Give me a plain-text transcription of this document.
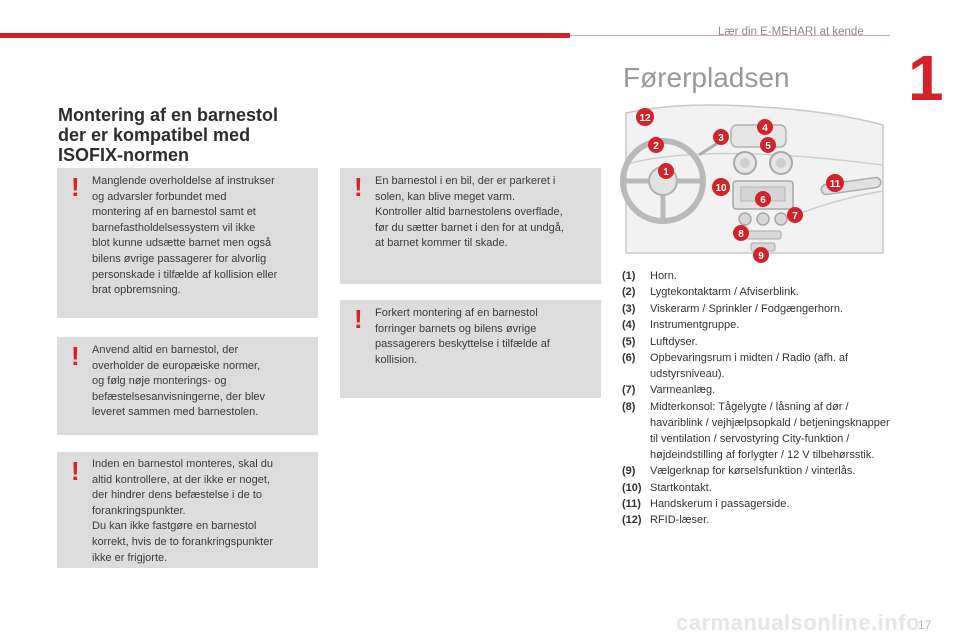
Lær din E-MEHARI at kende
1
Montering af en barnestol
der er kompatibel med
ISOFIX-normen
! Manglende overholdelse af instrukser
og advarsler forbundet med
montering af en barnestol samt et
barnefastholdelsessystem vil ikke
blot kunne udsætte barnet men også
bilens øvrige passagerer for alvorlig
personskade i tilfælde af kollision eller
brat opbremsning.
! Anvend altid en barnestol, der
overholder de europæiske normer,
og følg nøje monterings- og
befæstelsesanvisningerne, der blev
leveret sammen med barnestolen.
! Inden en barnestol monteres, skal du
altid kontrollere, at der ikke er noget,
der hindrer dens befæstelse i de to
forankringspunkter.
Du kan ikke fastgøre en barnestol
korrekt, hvis de to forankringspunkter
ikke er frigjorte.
! En barnestol i en bil, der er parkeret i
solen, kan blive meget varm.
Kontroller altid barnestolens overflade,
før du sætter barnet i den for at undgå,
at barnet kommer til skade.
! Forkert montering af en barnestol
forringer barnets og bilens øvrige
passagerers beskyttelse i tilfælde af
kollision.
Førerpladsen
1
2
3
4
5
6
7
8
9
10	11
12
(1)	Horn.
(2)	Lygtekontaktarm / Afviserblink.
(3)	Viskerarm / Sprinkler / Fodgængerhorn.
(4)	Instrumentgruppe.
(5)	Luftdyser.
(6)	Opbevaringsrum i midten / Radio (afh. af udstyrsniveau).
(7)	Varmeanlæg.
(8)	Midterkonsol: Tågelygte / låsning af dør / havariblink / vejhjælpsopkald / betjeningsknapper til ventilation / servostyring City-funktion / højdeindstilling af forlygter / 12 V tilbehørsstik.
(9)	Vælgerknap for kørselsfunktion / vinterlås.
(10) Startkontakt.
(11) Handskerum i passagerside.
(12) RFID-læser.
carmanualsonline.info
17
